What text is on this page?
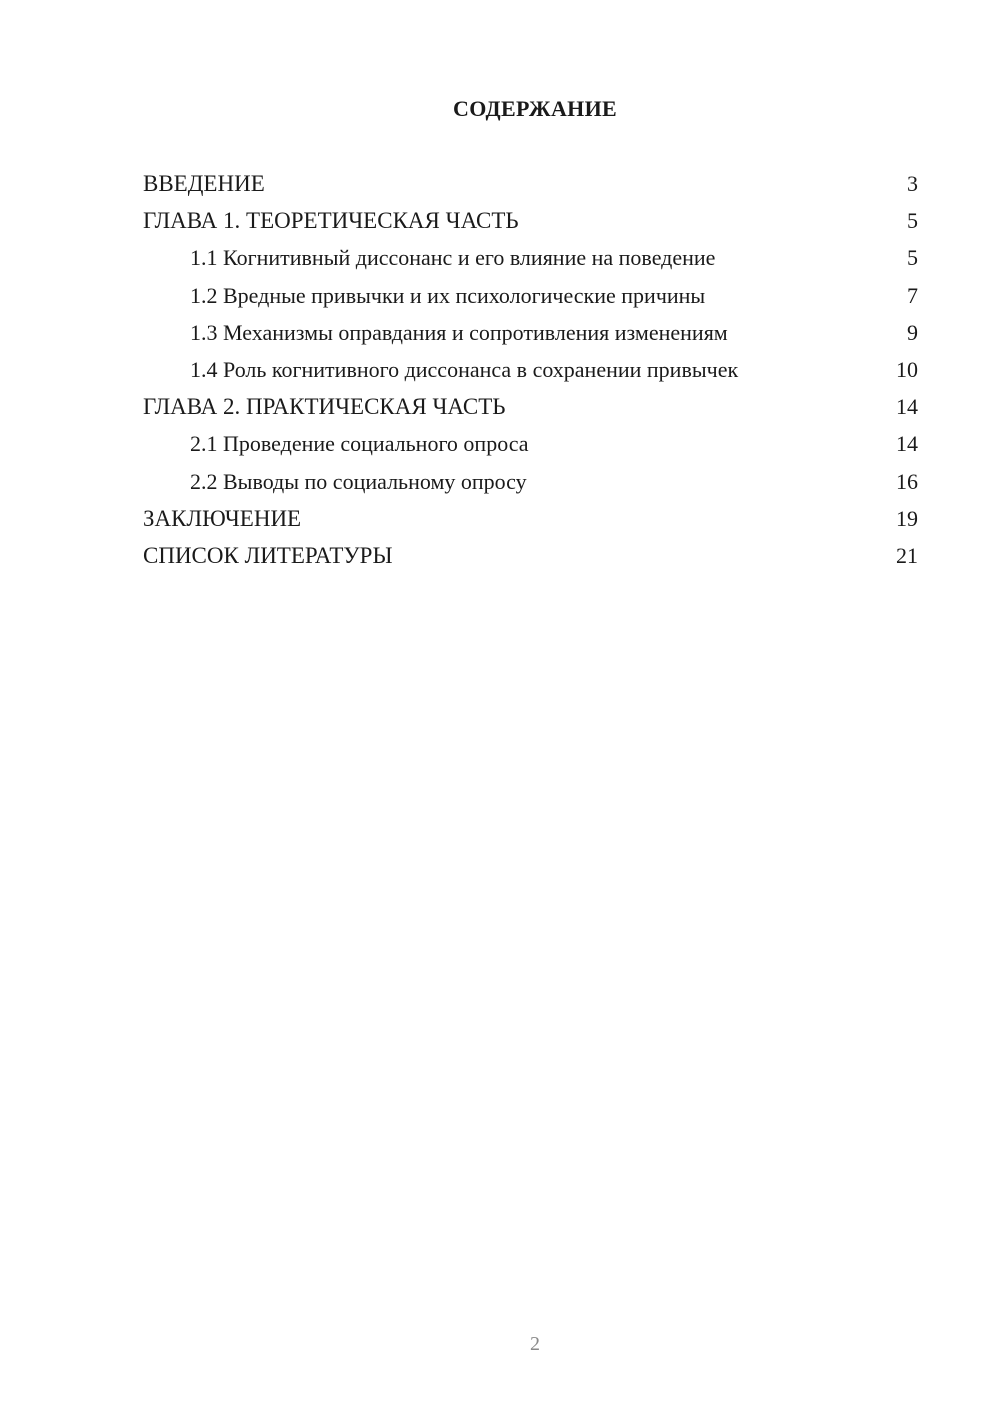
СОДЕРЖАНИЕ
ВВЕДЕНИЕ	3
ГЛАВА 1. ТЕОРЕТИЧЕСКАЯ ЧАСТЬ	5
1.1 Когнитивный диссонанс и его влияние на поведение	5
1.2 Вредные привычки и их психологические причины	7
1.3 Механизмы оправдания и сопротивления изменениям	9
1.4 Роль когнитивного диссонанса в сохранении привычек	10
ГЛАВА 2. ПРАКТИЧЕСКАЯ ЧАСТЬ	14
2.1 Проведение социального опроса	14
2.2 Выводы по социальному опросу	16
ЗАКЛЮЧЕНИЕ	19
СПИСОК ЛИТЕРАТУРЫ	21
2
